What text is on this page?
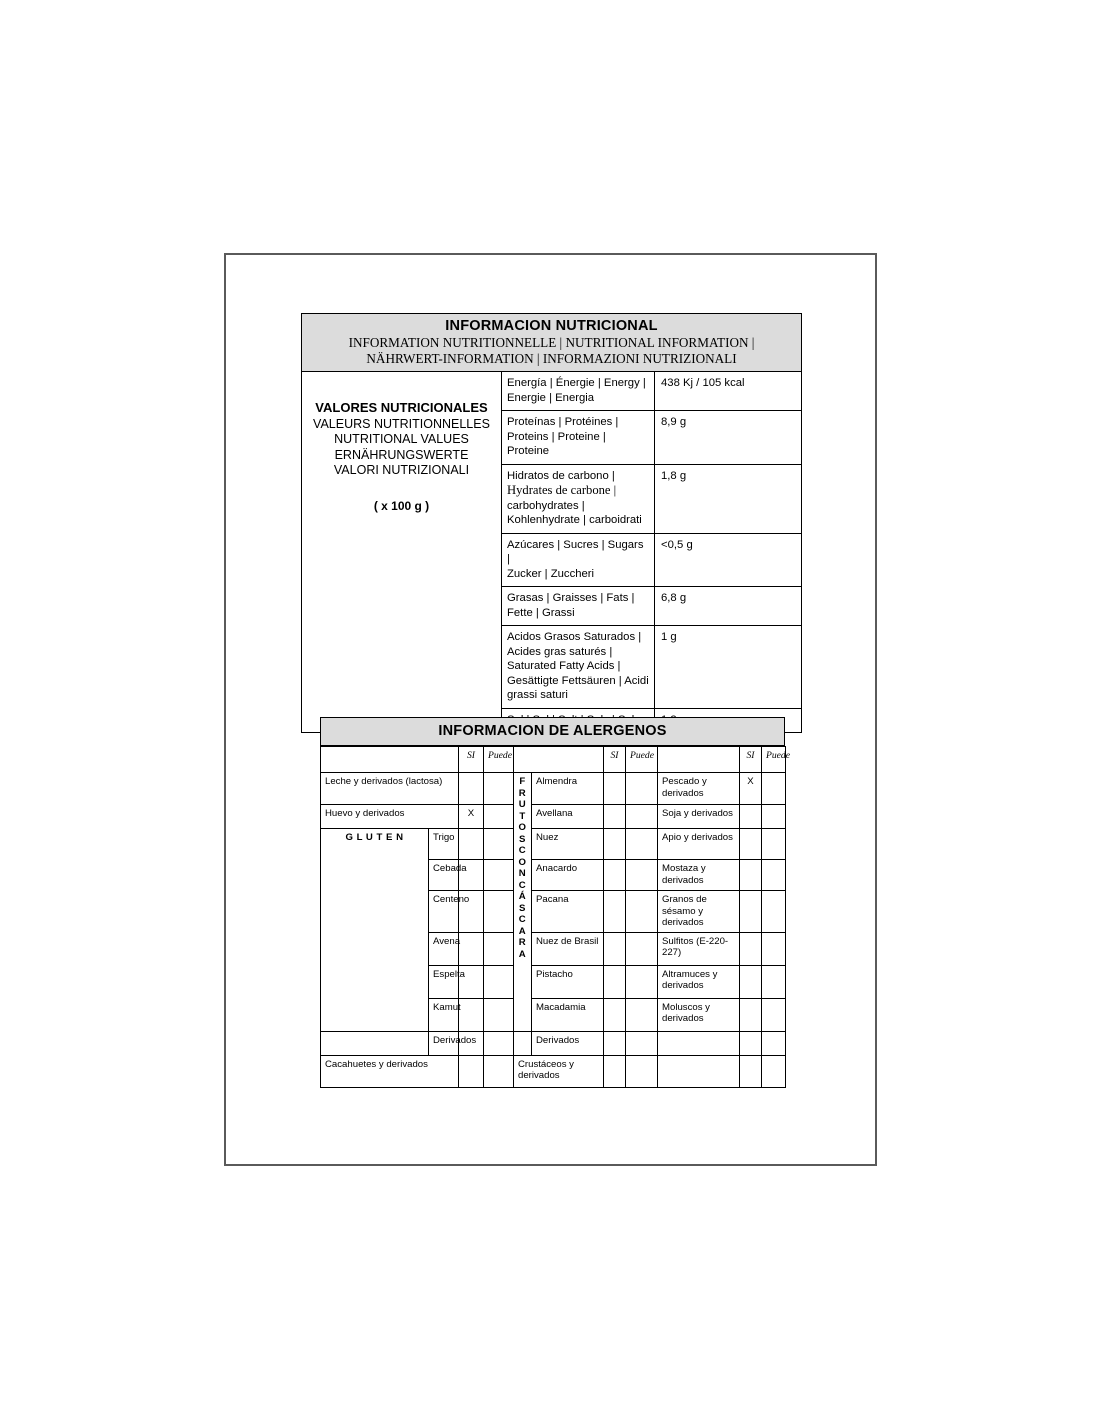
INFORMACION NUTRICIONAL
INFORMATION NUTRITIONNELLE | NUTRITIONAL INFORMATION | NÄHRWERT-INFORMATION | INFORMAZIONI NUTRIZIONALI		

VALORES NUTRICIONALES
VALEURS NUTRITIONNELLES
NUTRITIONAL VALUES
ERNÄHRUNGSWERTE
VALORI NUTRIZIONALI
( x 100 g )
	Energía | Énergie | Energy |
Energie | Energia	438 Kj / 105 kcal
	Proteínas | Protéines |
Proteins | Proteine | Proteine	8,9 g
	Hidratos de carbono |
Hydrates de carbone |
carbohydrates |
Kohlenhydrate | carboidrati	1,8 g
	Azúcares | Sucres | Sugars |
Zucker | Zuccheri	<0,5 g
	Grasas | Graisses | Fats |
Fette | Grassi	6,8 g
	Acidos Grasos Saturados |
Acides gras saturés |
Saturated Fatty Acids |
Gesättigte Fettsäuren | Acidi
grassi saturi	1 g

INFORMACION DE ALERGENOS
		SI	Puede			SI	Puede		SI	Puede
Leche y derivados (lactosa)				F R U T O S C O N C Á S C A R A	Almendra			Pescado y derivados	X	
Huevo y derivados		X			Avellana			Soja y derivados		
G L U T E N	Trigo				Nuez			Apio y derivados		
	Cebada				Anacardo			Mostaza y derivados		
	Centeno				Pacana			Granos de sésamo y derivados		
	Avena				Nuez de Brasil			Sulfitos (E-220-227)		
	Espelta				Pistacho			Altramuces y derivados		
	Kamut				Macadamia			Moluscos y derivados		
	Derivados				Derivados					
Cacahuetes y derivados				Crustáceos y derivados						
